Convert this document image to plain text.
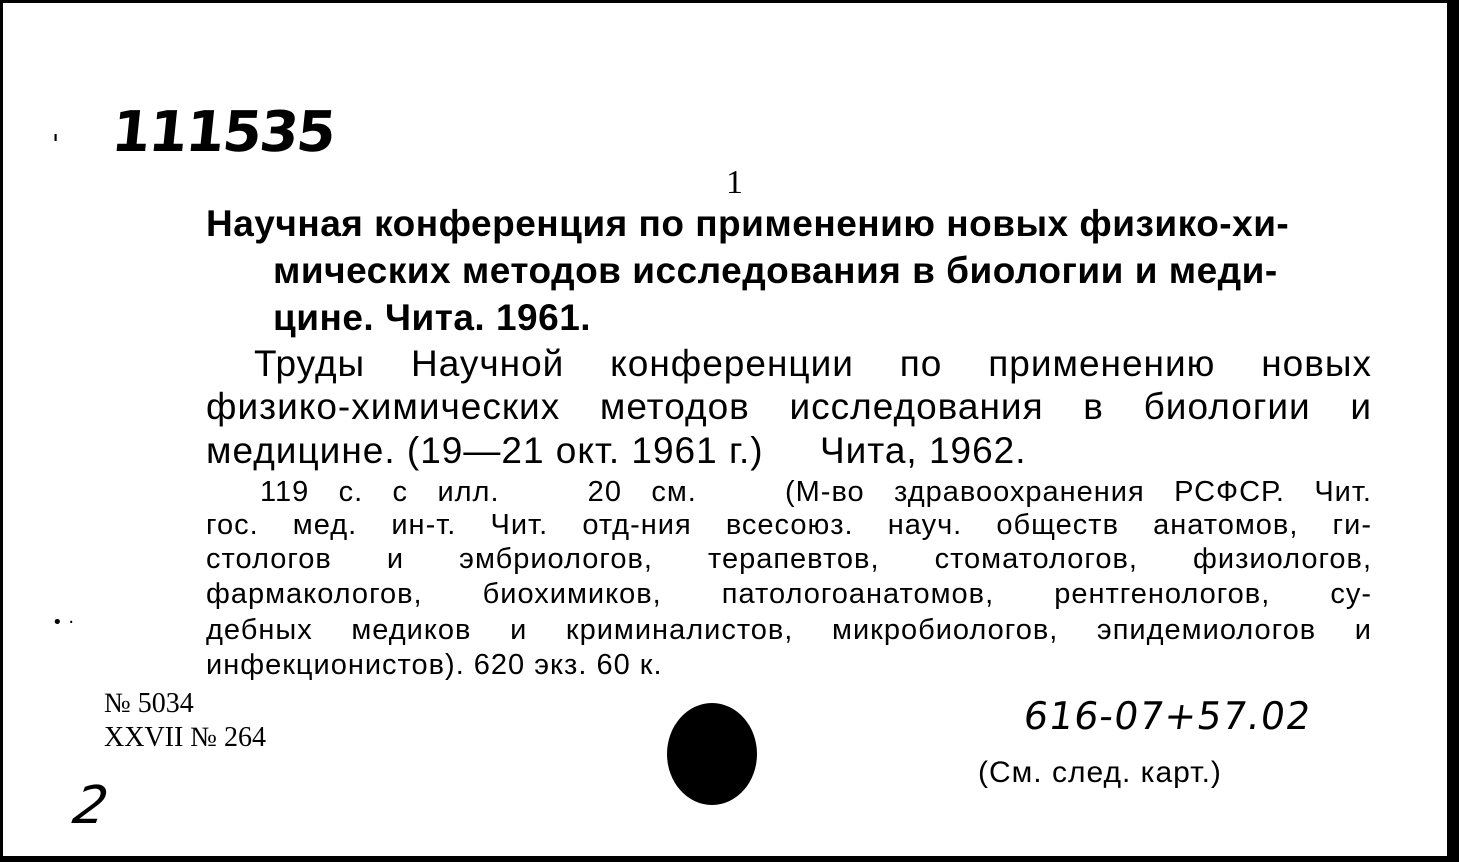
111535
'
1
Научная конференция по применению новых физико-хи-
мических методов исследования в биологии и меди-
цине. Чита. 1961.
Труды Научной конференции по применению новых
физико-химических методов исследования в биологии и
медицине. (19—21 окт. 1961 г.)     Чита, 1962.
119 с. с илл.   20 см.   (М-во здравоохранения РСФСР. Чит.
гос. мед. ин-т. Чит. отд-ния всесоюз. науч. обществ анатомов, ги-
стологов и эмбриологов, терапевтов, стоматологов, физиологов,
фармакологов, биохимиков, патологоанатомов, рентгенологов, су-
дебных медиков и криминалистов, микробиологов, эпидемиологов и
инфекционистов). 620 экз. 60 к.
• ·
№ 5034
XXVII № 264
2
616-07+57.02
(См. след. карт.)
